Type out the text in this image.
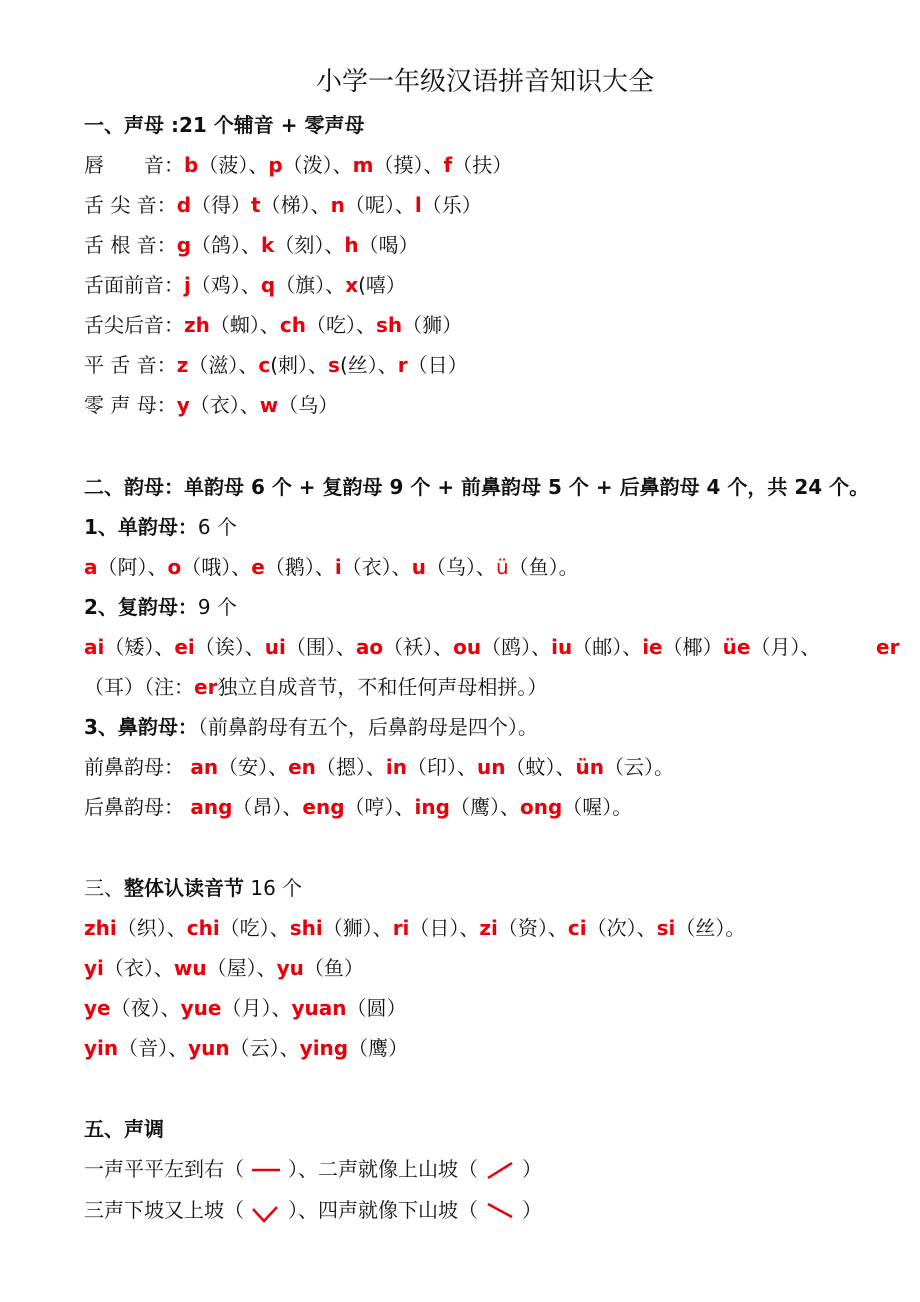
小学一年级汉语拼音知识大全
一、声母 :21 个辅音 + 零声母
唇　　音：b（菠）、p（泼）、m（摸）、f（扶）
舌 尖 音：d（得）t（梯）、n（呢）、l（乐）
舌 根 音：g（鸽）、k（刻）、h（喝）
舌面前音：j（鸡）、q（旗）、x(嘻）
舌尖后音：zh（蜘）、ch（吃）、sh（狮）
平 舌 音：z（滋）、c(刺）、s(丝）、r（日）
零 声 母：y（衣）、w（乌）
二、韵母：单韵母 6 个 + 复韵母 9 个 + 前鼻韵母 5 个 + 后鼻韵母 4 个，共 24 个。
1、单韵母：6 个
a（阿）、o（哦）、e（鹅）、i（衣）、u（乌）、ü（鱼）。
2、复韵母：9 个
ai（矮）、ei（诶）、ui（围）、ao（袄）、ou（鸥）、iu（邮）、ie（椰）üe（月）、	er
（耳）（注：er独立自成音节，不和任何声母相拼。）
3、鼻韵母：（前鼻韵母有五个，后鼻韵母是四个）。
前鼻韵母： an（安）、en（摁）、in（印）、un（蚊）、ün（云）。
后鼻韵母： ang（昂）、eng（哼）、ing（鹰）、ong（喔）。
三、整体认读音节 16 个
zhi（织）、chi（吃）、shi（狮）、ri（日）、zi（资）、ci（次）、si（丝）。
yi（衣）、wu（屋）、yu（鱼）
ye（夜）、yue（月）、yuan（圆）
yin（音）、yun（云）、ying（鹰）
五、声调
一声平平左到右（ ）、二声就像上山坡（ ）
三声下坡又上坡（ ）、四声就像下山坡（ ）
